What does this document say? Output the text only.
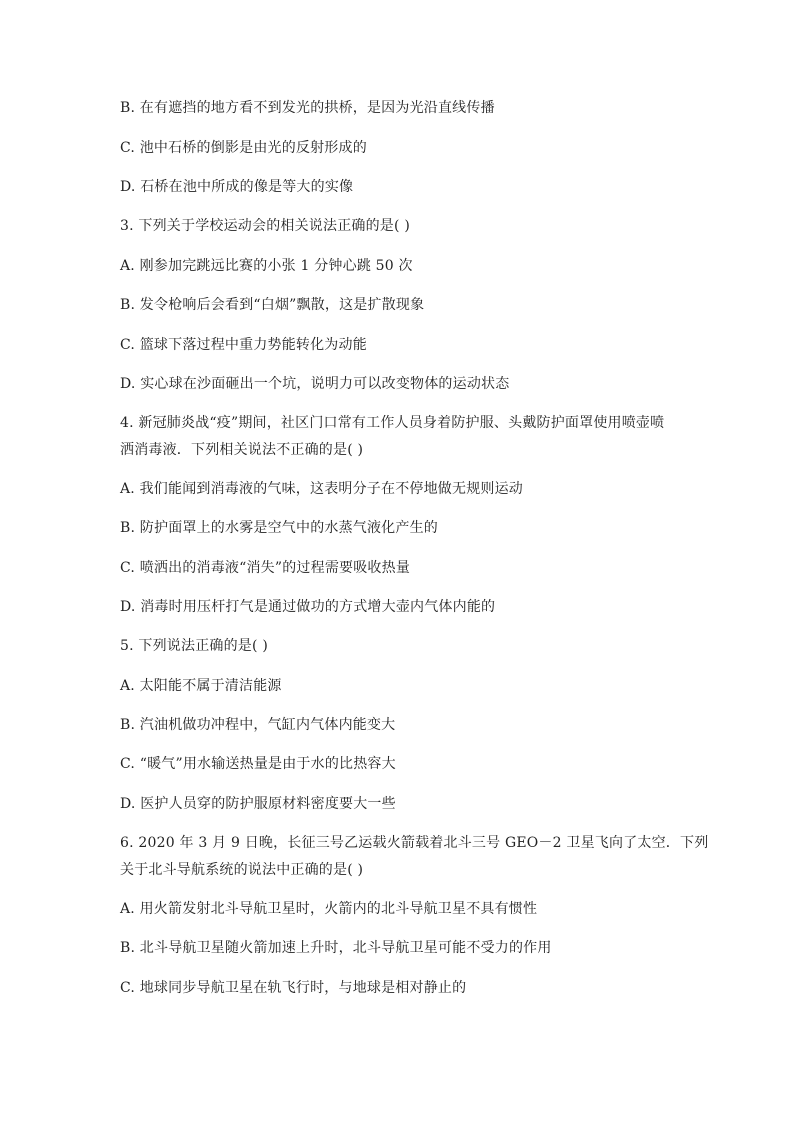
B. 在有遮挡的地方看不到发光的拱桥，是因为光沿直线传播
C. 池中石桥的倒影是由光的反射形成的
D. 石桥在池中所成的像是等大的实像
3. 下列关于学校运动会的相关说法正确的是( )
A. 刚参加完跳远比赛的小张 1 分钟心跳 50 次
B. 发令枪响后会看到“白烟”飘散，这是扩散现象
C. 篮球下落过程中重力势能转化为动能
D. 实心球在沙面砸出一个坑，说明力可以改变物体的运动状态
4. 新冠肺炎战“疫”期间，社区门口常有工作人员身着防护服、头戴防护面罩使用喷壶喷
洒消毒液．下列相关说法不正确的是( )
A. 我们能闻到消毒液的气味，这表明分子在不停地做无规则运动
B. 防护面罩上的水雾是空气中的水蒸气液化产生的
C. 喷洒出的消毒液“消失”的过程需要吸收热量
D. 消毒时用压杆打气是通过做功的方式增大壶内气体内能的
5. 下列说法正确的是( )
A. 太阳能不属于清洁能源
B. 汽油机做功冲程中，气缸内气体内能变大
C. “暖气”用水输送热量是由于水的比热容大
D. 医护人员穿的防护服原材料密度要大一些
6. 2020 年 3 月 9 日晚，长征三号乙运载火箭载着北斗三号 GEO－2 卫星飞向了太空．下列
关于北斗导航系统的说法中正确的是( )
A. 用火箭发射北斗导航卫星时，火箭内的北斗导航卫星不具有惯性
B. 北斗导航卫星随火箭加速上升时，北斗导航卫星可能不受力的作用
C. 地球同步导航卫星在轨飞行时，与地球是相对静止的
